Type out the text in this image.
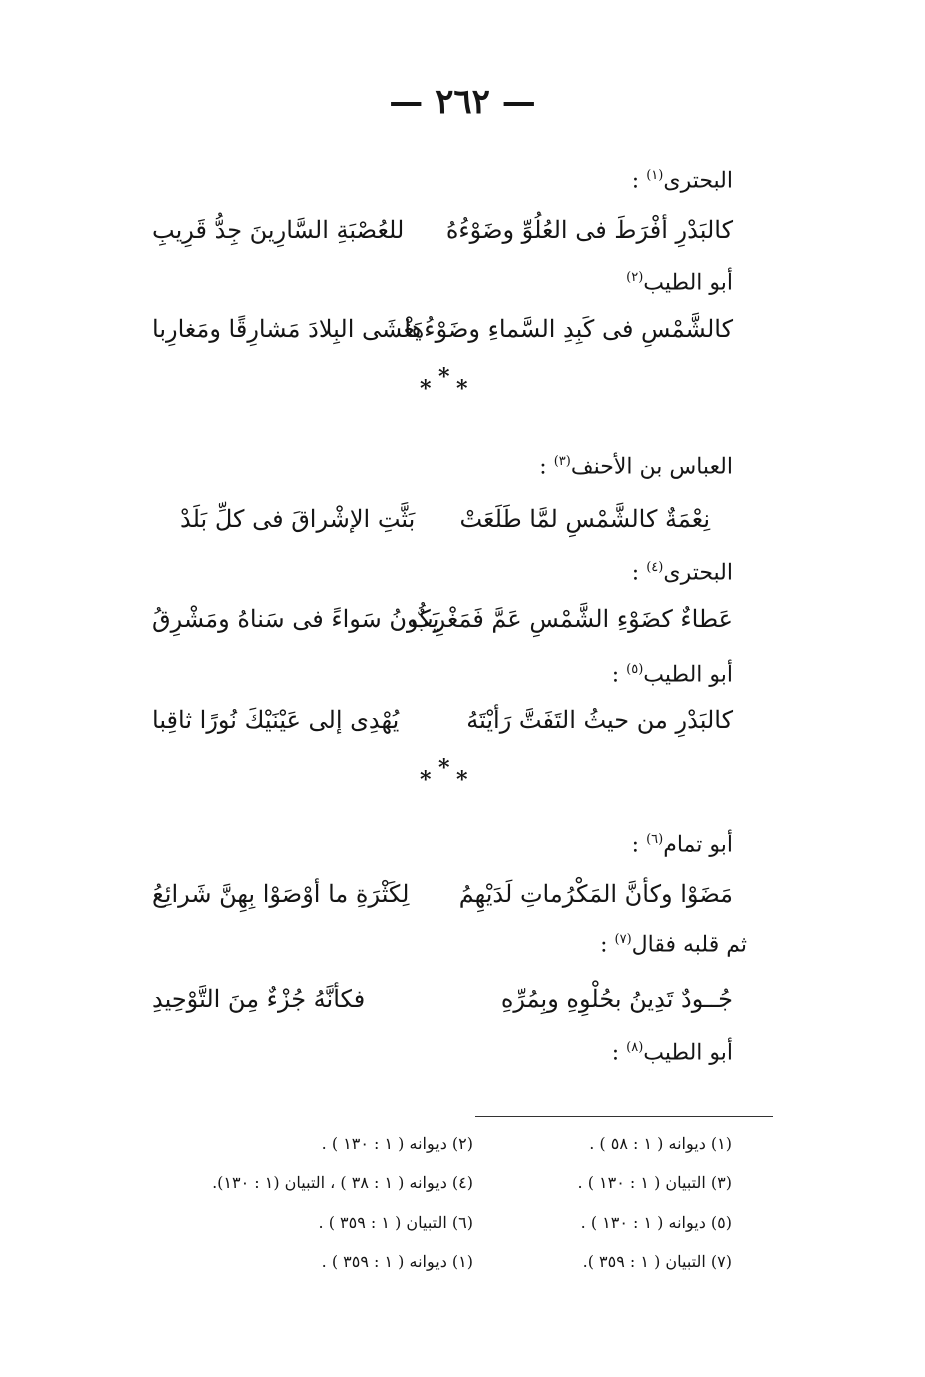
— ٢٦٢ —
البحترى$^{(١)}$ :
كالبَدْرِ أفْرَطَ فى العُلُوِّ وضَوْءُهُ
للعُصْبَةِ السَّارِينَ جِدُّ قَرِيبِ
أبو الطيب$^{(٢)}$
كالشَّمْسِ فى كَبِدِ السَّماءِ وضَوْءُها
يَغْشَى البِلادَ مَشارِقًا ومَغارِبا
*
* *
العباس بن الأحنف$^{(٣)}$ :
نِعْمَةٌ كالشَّمْسِ لمَّا طَلَعَتْ
بَثَّتِ الإشْراقَ فى كلِّ بَلَدْ
البحترى$^{(٤)}$ :
عَطاءٌ كضَوْءِ الشَّمْسِ عَمَّ فَمَغْرِبٌ
يَكُونُ سَواءً فى سَناهُ ومَشْرِقُ
أبو الطيب$^{(٥)}$ :
كالبَدْرِ من حيثُ التَفَتَّ رَأيْتَهُ
يُهْدِى إلى عَيْنَيْكَ نُورًا ثاقِبا
*
* *
أبو تمام$^{(٦)}$ :
مَضَوْا وكأنَّ المَكْرُماتِ لَدَيْهِمُ
لِكَثْرَةِ ما أوْصَوْا بِهِنَّ شَرائِعُ
ثم قلبه فقال$^{(٧)}$ :
جُــودٌ تَدِينُ بحُلْوِهِ وبِمُرِّهِ
فكأنَّهُ جُزْءٌ مِنَ التَّوْحِيدِ
أبو الطيب$^{(٨)}$ :
(١) ديوانه ( ١ : ٥٨ ) .
(٢) ديوانه ( ١ : ١٣٠ ) .
(٣) التبيان ( ١ : ١٣٠ ) .
(٤) ديوانه ( ١ : ٣٨ ) ، التبيان (١ : ١٣٠).
(٥) ديوانه ( ١ : ١٣٠ ) .
(٦) التبيان ( ١ : ٣٥٩ ) .
(٧) التبيان ( ١ : ٣٥٩ ).
(١) ديوانه ( ١ : ٣٥٩ ) .
